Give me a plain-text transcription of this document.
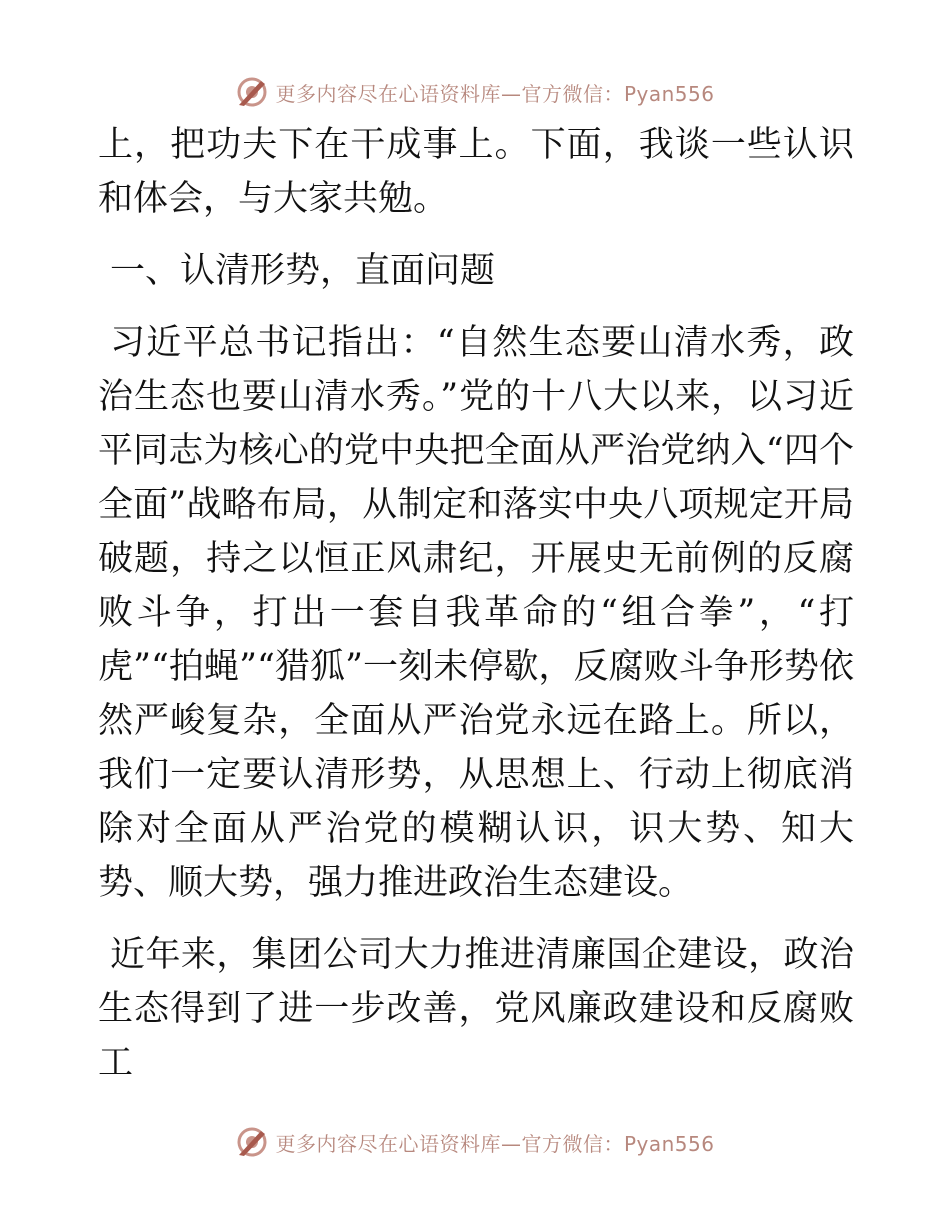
更多内容尽在心语资料库—官方微信：Pyan556

上，把功夫下在干成事上。下面，我谈一些认识和体会，与大家共勉。

一、认清形势，直面问题

习近平总书记指出：“自然生态要山清水秀，政治生态也要山清水秀。”党的十八大以来，以习近平同志为核心的党中央把全面从严治党纳入“四个全面”战略布局，从制定和落实中央八项规定开局破题，持之以恒正风肃纪，开展史无前例的反腐败斗争，打出一套自我革命的“组合拳”，“打虎”“拍蝇”“猎狐”一刻未停歇，反腐败斗争形势依然严峻复杂，全面从严治党永远在路上。所以，我们一定要认清形势，从思想上、行动上彻底消除对全面从严治党的模糊认识，识大势、知大势、顺大势，强力推进政治生态建设。

近年来，集团公司大力推进清廉国企建设，政治生态得到了进一步改善，党风廉政建设和反腐败工

更多内容尽在心语资料库—官方微信：Pyan556
